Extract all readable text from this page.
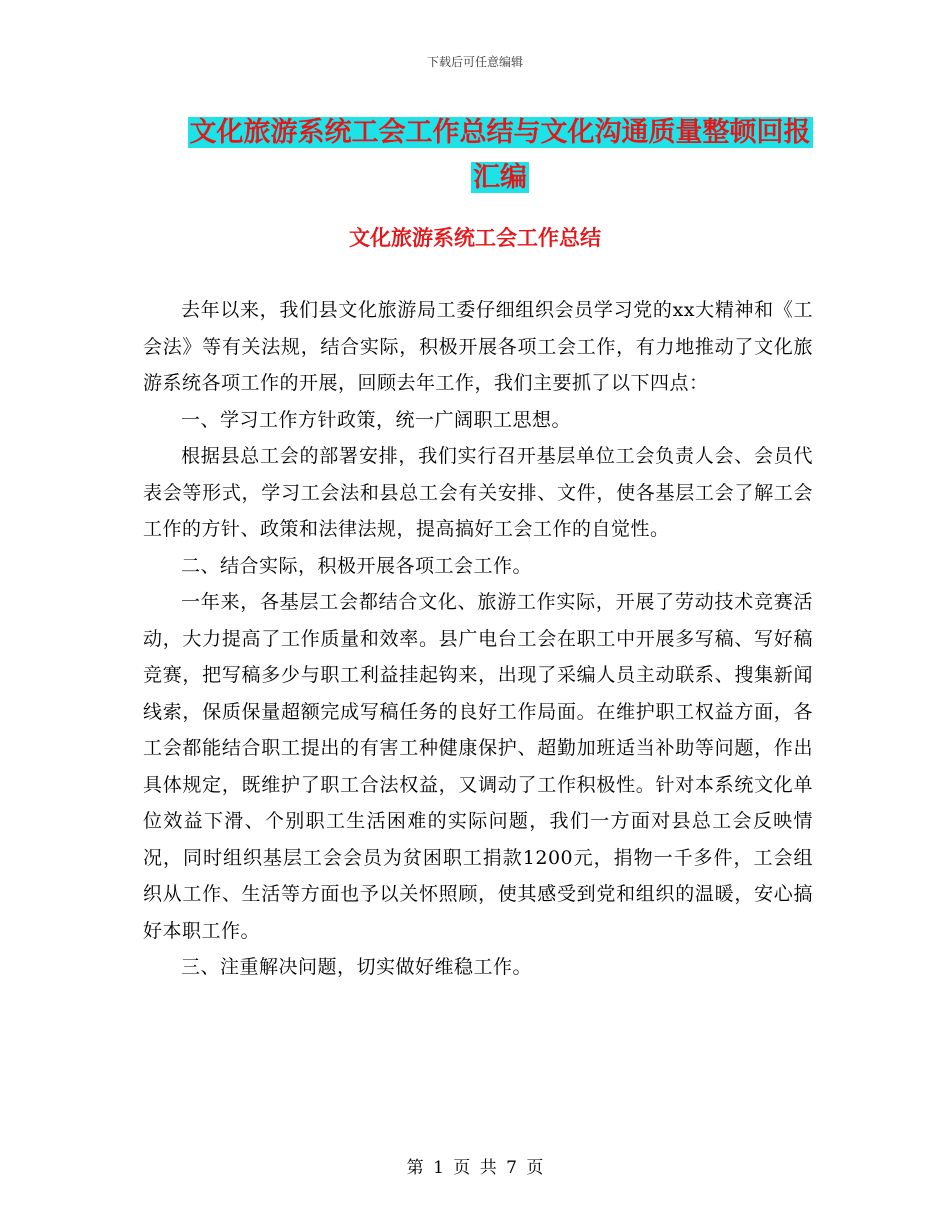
下载后可任意编辑
文化旅游系统工会工作总结与文化沟通质量整顿回报
汇编
文化旅游系统工会工作总结

去年以来，我们县文化旅游局工委仔细组织会员学习党的xx大精神和《工会法》等有关法规，结合实际，积极开展各项工会工作，有力地推动了文化旅游系统各项工作的开展，回顾去年工作，我们主要抓了以下四点：

一、学习工作方针政策，统一广阔职工思想。

根据县总工会的部署安排，我们实行召开基层单位工会负责人会、会员代表会等形式，学习工会法和县总工会有关安排、文件，使各基层工会了解工会工作的方针、政策和法律法规，提高搞好工会工作的自觉性。

二、结合实际，积极开展各项工会工作。

一年来，各基层工会都结合文化、旅游工作实际，开展了劳动技术竞赛活动，大力提高了工作质量和效率。县广电台工会在职工中开展多写稿、写好稿竞赛，把写稿多少与职工利益挂起钩来，出现了采编人员主动联系、搜集新闻线索，保质保量超额完成写稿任务的良好工作局面。在维护职工权益方面，各工会都能结合职工提出的有害工种健康保护、超勤加班适当补助等问题，作出具体规定，既维护了职工合法权益，又调动了工作积极性。针对本系统文化单位效益下滑、个别职工生活困难的实际问题，我们一方面对县总工会反映情况，同时组织基层工会会员为贫困职工捐款1200元，捐物一千多件，工会组织从工作、生活等方面也予以关怀照顾，使其感受到党和组织的温暖，安心搞好本职工作。

三、注重解决问题，切实做好维稳工作。

第 1 页 共 7 页
